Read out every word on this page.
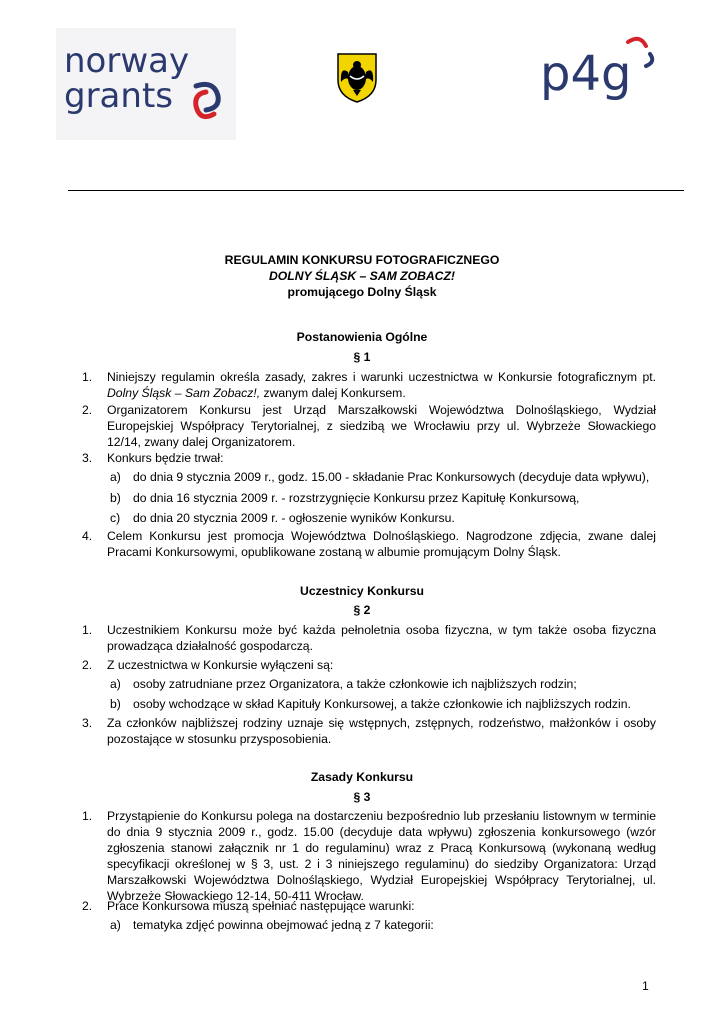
norway
grants	p4g
REGULAMIN KONKURSU FOTOGRAFICZNEGO
DOLNY ŚLĄSK – SAM ZOBACZ!
promującego Dolny Śląsk
Postanowienia Ogólne
§ 1
1. Niniejszy regulamin określa zasady, zakres i warunki uczestnictwa w Konkursie fotograficznym pt. Dolny Śląsk – Sam Zobacz!, zwanym dalej Konkursem.
2. Organizatorem Konkursu jest Urząd Marszałkowski Województwa Dolnośląskiego, Wydział Europejskiej Współpracy Terytorialnej, z siedzibą we Wrocławiu przy ul. Wybrzeże Słowackiego 12/14, zwany dalej Organizatorem.
3. Konkurs będzie trwał:
a) do dnia 9 stycznia 2009 r., godz. 15.00 - składanie Prac Konkursowych (decyduje data wpływu),
b) do dnia 16 stycznia 2009 r. - rozstrzygnięcie Konkursu przez Kapitułę Konkursową,
c) do dnia 20 stycznia 2009 r. - ogłoszenie wyników Konkursu.
4. Celem Konkursu jest promocja Województwa Dolnośląskiego. Nagrodzone zdjęcia, zwane dalej Pracami Konkursowymi, opublikowane zostaną w albumie promującym Dolny Śląsk.
Uczestnicy Konkursu
§ 2
1. Uczestnikiem Konkursu może być każda pełnoletnia osoba fizyczna, w tym także osoba fizyczna prowadząca działalność gospodarczą.
2. Z uczestnictwa w Konkursie wyłączeni są:
a) osoby zatrudniane przez Organizatora, a także członkowie ich najbliższych rodzin;
b) osoby wchodzące w skład Kapituły Konkursowej, a także członkowie ich najbliższych rodzin.
3. Za członków najbliższej rodziny uznaje się wstępnych, zstępnych, rodzeństwo, małżonków i osoby pozostające w stosunku przysposobienia.
Zasady Konkursu
§ 3
1. Przystąpienie do Konkursu polega na dostarczeniu bezpośrednio lub przesłaniu listownym w terminie do dnia 9 stycznia 2009 r., godz. 15.00 (decyduje data wpływu) zgłoszenia konkursowego (wzór zgłoszenia stanowi załącznik nr 1 do regulaminu) wraz z Pracą Konkursową (wykonaną według specyfikacji określonej w § 3, ust. 2 i 3 niniejszego regulaminu) do siedziby Organizatora: Urząd Marszałkowski Województwa Dolnośląskiego, Wydział Europejskiej Współpracy Terytorialnej, ul. Wybrzeże Słowackiego 12-14, 50-411 Wrocław.
2. Prace Konkursowa muszą spełniać następujące warunki:
a) tematyka zdjęć powinna obejmować jedną z 7 kategorii:
1
